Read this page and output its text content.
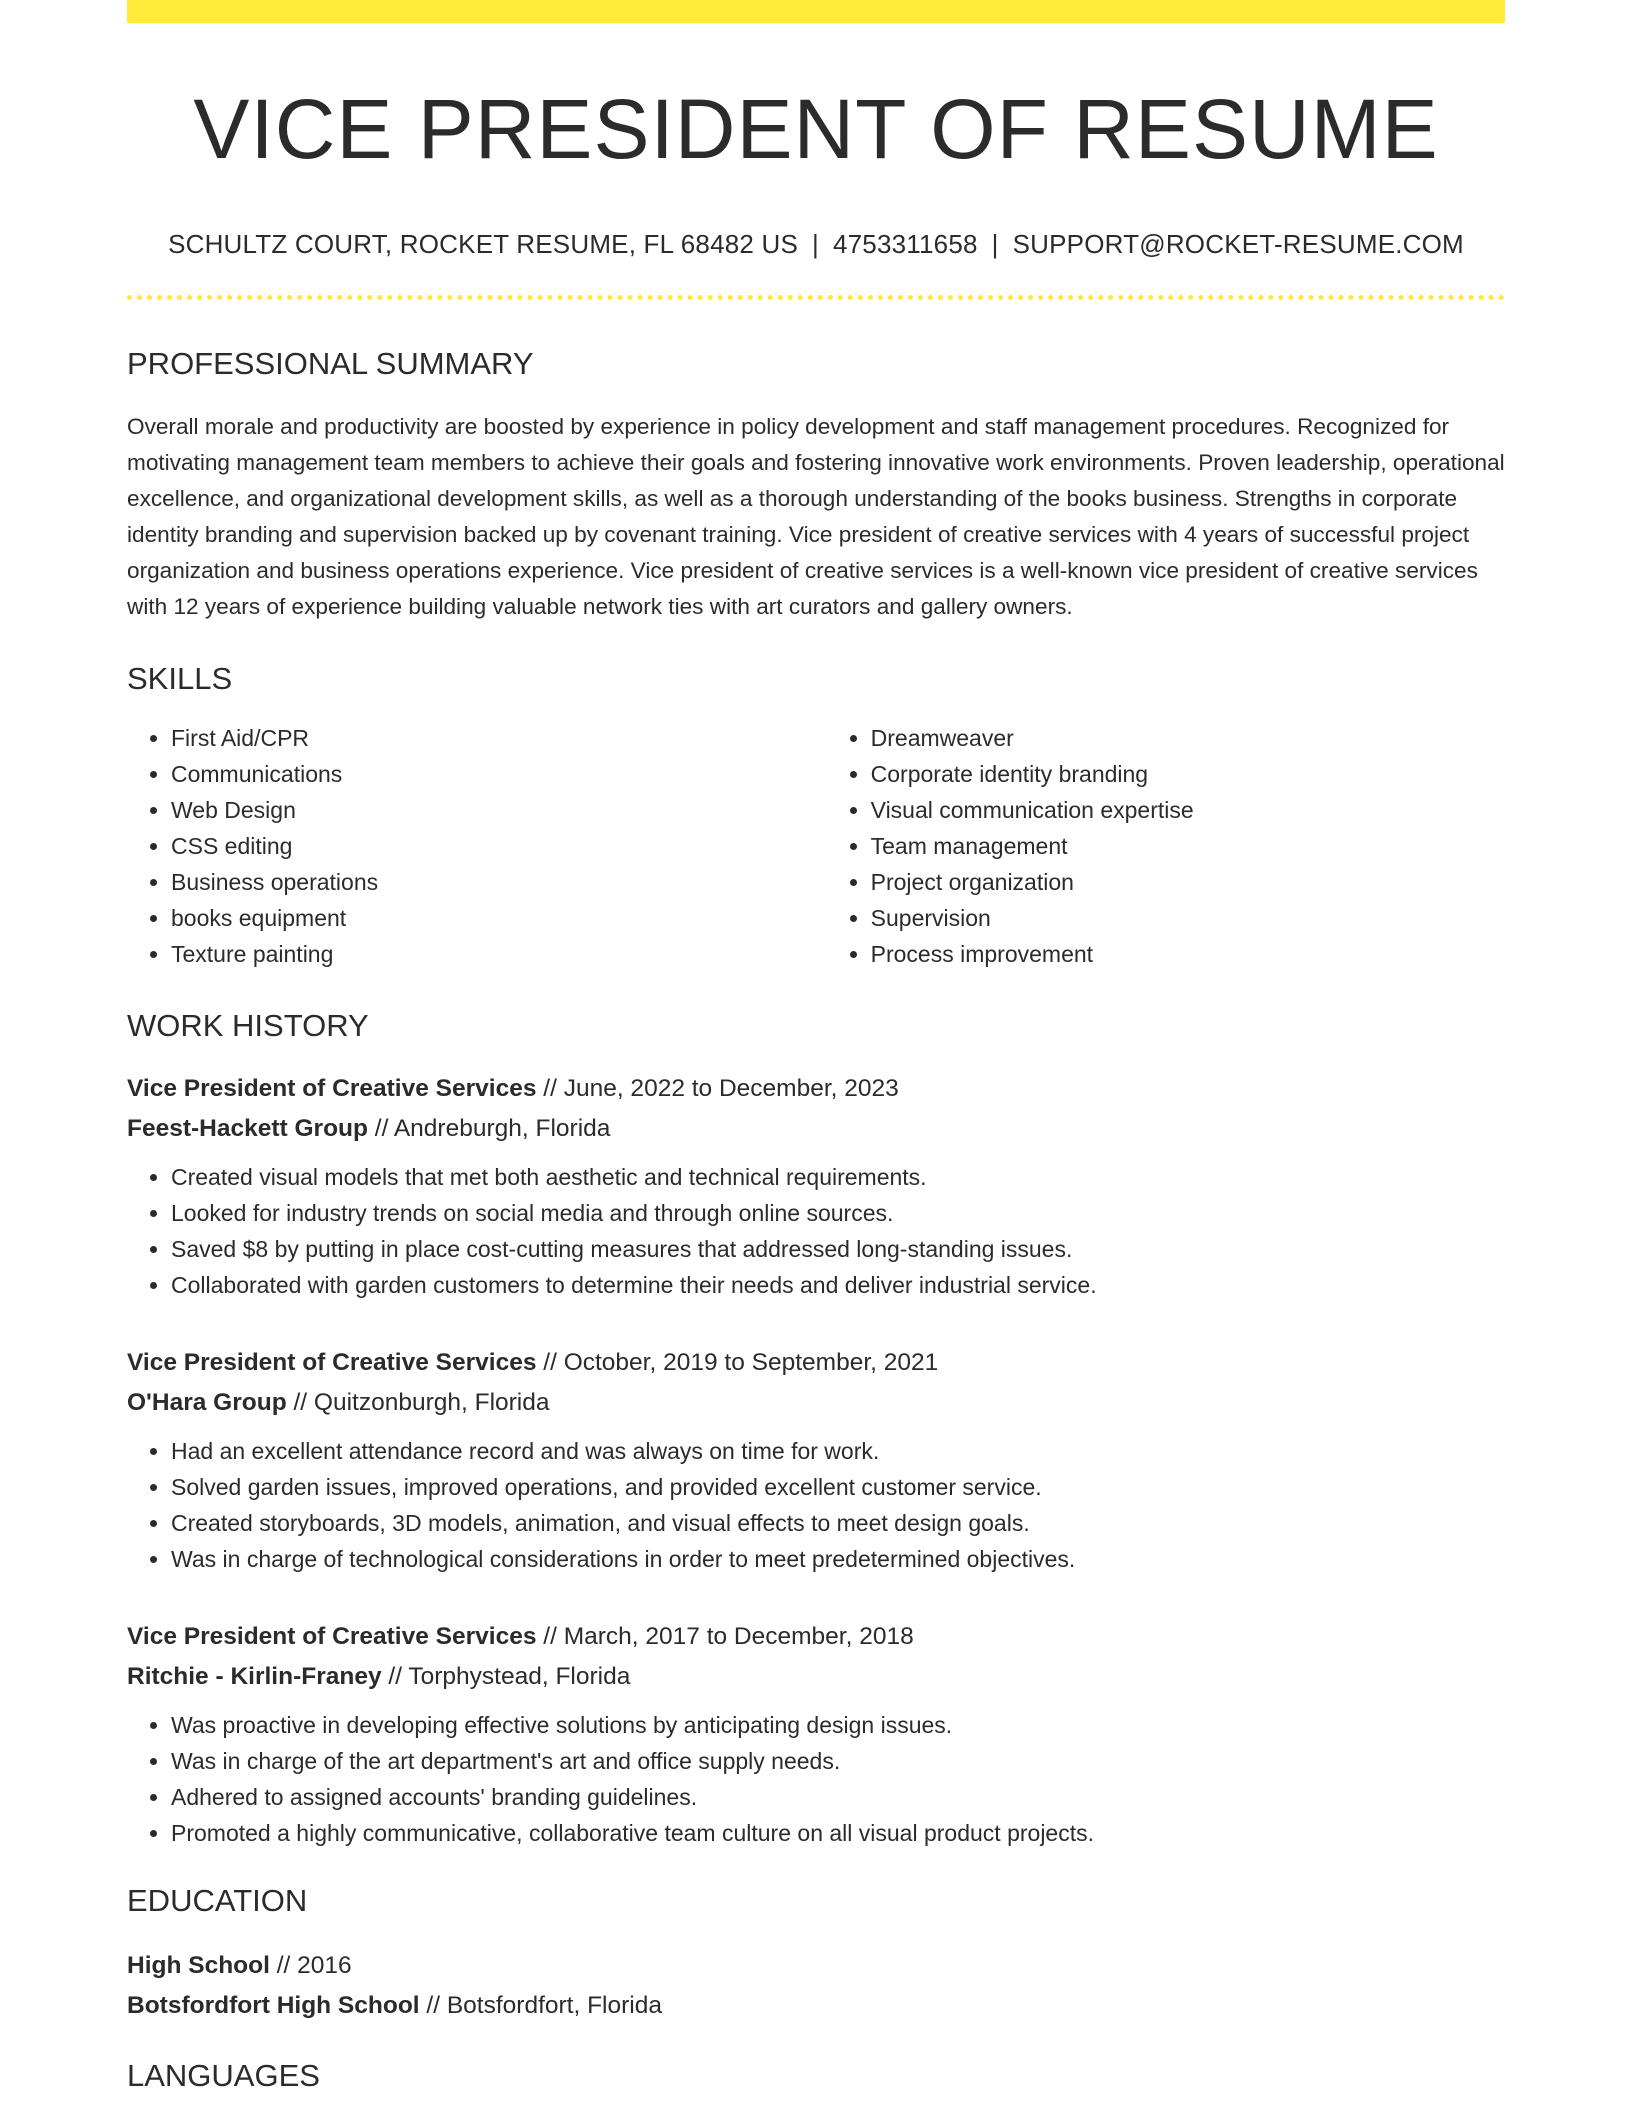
VICE PRESIDENT OF RESUME
SCHULTZ COURT, ROCKET RESUME, FL 68482 US | 4753311658 | SUPPORT@ROCKET-RESUME.COM
PROFESSIONAL SUMMARY

Overall morale and productivity are boosted by experience in policy development and staff management procedures. Recognized for motivating management team members to achieve their goals and fostering innovative work environments. Proven leadership, operational excellence, and organizational development skills, as well as a thorough understanding of the books business. Strengths in corporate identity branding and supervision backed up by covenant training. Vice president of creative services with 4 years of successful project organization and business operations experience. Vice president of creative services is a well-known vice president of creative services with 12 years of experience building valuable network ties with art curators and gallery owners.

SKILLS
• First Aid/CPR
• Communications
• Web Design
• CSS editing
• Business operations
• books equipment
• Texture painting
• Dreamweaver
• Corporate identity branding
• Visual communication expertise
• Team management
• Project organization
• Supervision
• Process improvement
WORK HISTORY
Vice President of Creative Services // June, 2022 to December, 2023
Feest-Hackett Group // Andreburgh, Florida
• Created visual models that met both aesthetic and technical requirements.
• Looked for industry trends on social media and through online sources.
• Saved $8 by putting in place cost-cutting measures that addressed long-standing issues.
• Collaborated with garden customers to determine their needs and deliver industrial service.
Vice President of Creative Services // October, 2019 to September, 2021
O'Hara Group // Quitzonburgh, Florida
• Had an excellent attendance record and was always on time for work.
• Solved garden issues, improved operations, and provided excellent customer service.
• Created storyboards, 3D models, animation, and visual effects to meet design goals.
• Was in charge of technological considerations in order to meet predetermined objectives.
Vice President of Creative Services // March, 2017 to December, 2018
Ritchie - Kirlin-Franey // Torphystead, Florida
• Was proactive in developing effective solutions by anticipating design issues.
• Was in charge of the art department's art and office supply needs.
• Adhered to assigned accounts' branding guidelines.
• Promoted a highly communicative, collaborative team culture on all visual product projects.
EDUCATION
High School // 2016
Botsfordfort High School // Botsfordfort, Florida
LANGUAGES
